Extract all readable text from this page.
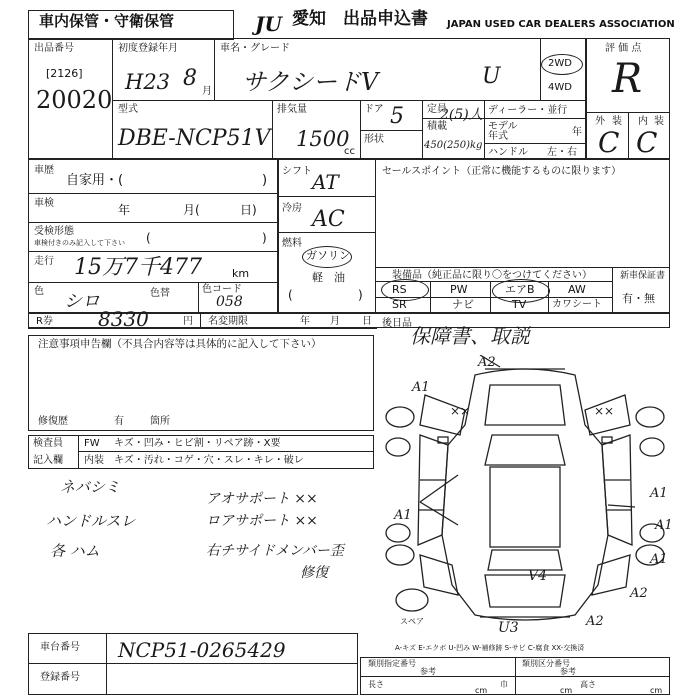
車内保管・守衛保管	JU 愛知 出品申込書 JAPAN USED CAR DEALERS ASSOCIATION
出品番号
[2126]
20020
初度登録年月
H23 8
月
車名・グレード
サクシードV	U
2WD
4WD
評 価 点
R
外 装 内 装
C C
型式
DBE-NCP51V
排気量
1500
cc
ドア 5
形状
定員
2(5)人
積載
450(250)kg
ディーラー・並行
モデル
年式	年
ハンドル 左・右
車歴
自家用・(	)
車検	年	月(	日)
受検形態
車検付きのみ記入して下さい (	)
走行 15万7千477	km
色 シロ	色替	色コード
058
シフト AT
冷房 AC
燃料
ガソリン
軽　油
(	)
セールスポイント（正常に機能するものに限ります）
装備品（純正品に限り〇をつけてください）
RS	PW	エアB	AW
SR	ナビ	TV	カワシート
新車保証書
有・無
R券 8330	円 名変期限	年 月 日 後日品
保障書、取説
注意事項申告欄（不具合内容等は具体的に記入して下さい）
修復歴	有	箇所
検査員
記入欄
FW キズ・凹み・ヒビ割・リペア跡・X要
内装 キズ・汚れ・コゲ・穴・スレ・キレ・破レ
ネバシミ
ハンドルスレ
各 ハム
アオサポート ××
ロアサポート ××
右チサイドメンバー歪
修復
A2
A1
××	××
A1
A1
A1
V4
A2
U3	A2
A1
スペア
A-キズ E-エクボ U-凹み W-補修跡 S-サビ C-腐食 XX-交換済
車台番号 NCP51-0265429
登録番号
類別指定番号
参考
類別区分番号
参考
長さ
cm
巾
cm
高さ
cm
